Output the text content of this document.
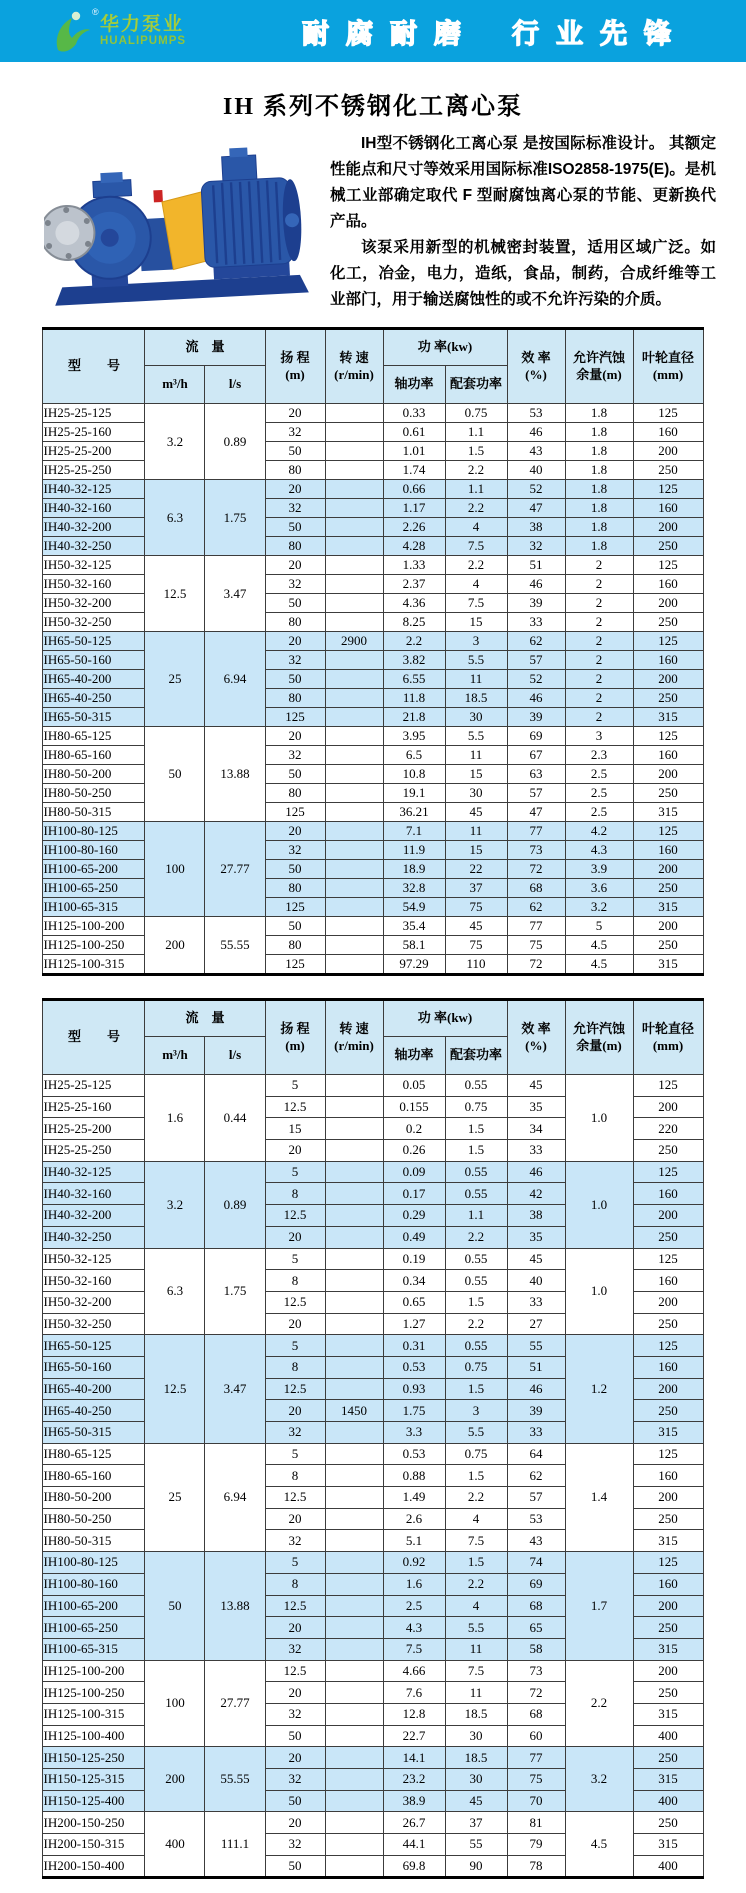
®
华力泵业
HUALIPUMPS	耐腐耐磨 行业先锋
IH 系列不锈钢化工离心泵

IH型不锈钢化工离心泵 是按国际标准设计。 其额定性能点和尺寸等效采用国际标准ISO2858-1975(E)。是机械工业部确定取代 F 型耐腐蚀离心泵的节能、更新换代产品。

该泵采用新型的机械密封装置，适用区域广泛。如化工，冶金，电力，造纸，食品，制药，合成纤维等工业部门，用于输送腐蚀性的或不允许污染的介质。

型　　号	流　量	
扬 程
(m)

转 速
(r/min)
	功 率(kw)	
效 率
(%)

允许汽蚀
余量(m)

叶轮直径
(mm)

	m³/h	l/s			轴功率	配套功率			
IH25-25-125	3.2	0.89	20		0.33	0.75	53	1.8	125
IH25-25-160			32		0.61	1.1	46	1.8	160
IH25-25-200			50		1.01	1.5	43	1.8	200
IH25-25-250			80		1.74	2.2	40	1.8	250
IH40-32-125	6.3	1.75	20		0.66	1.1	52	1.8	125
IH40-32-160			32		1.17	2.2	47	1.8	160
IH40-32-200			50		2.26	4	38	1.8	200
IH40-32-250			80		4.28	7.5	32	1.8	250
IH50-32-125	12.5	3.47	20		1.33	2.2	51	2	125
IH50-32-160			32		2.37	4	46	2	160
IH50-32-200			50		4.36	7.5	39	2	200
IH50-32-250			80		8.25	15	33	2	250
IH65-50-125	25	6.94	20	2900	2.2	3	62	2	125
IH65-50-160			32		3.82	5.5	57	2	160
IH65-40-200			50		6.55	11	52	2	200
IH65-40-250			80		11.8	18.5	46	2	250
IH65-50-315			125		21.8	30	39	2	315
IH80-65-125	50	13.88	20		3.95	5.5	69	3	125
IH80-65-160			32		6.5	11	67	2.3	160
IH80-50-200			50		10.8	15	63	2.5	200
IH80-50-250			80		19.1	30	57	2.5	250
IH80-50-315			125		36.21	45	47	2.5	315
IH100-80-125	100	27.77	20		7.1	11	77	4.2	125
IH100-80-160			32		11.9	15	73	4.3	160
IH100-65-200			50		18.9	22	72	3.9	200
IH100-65-250			80		32.8	37	68	3.6	250
IH100-65-315			125		54.9	75	62	3.2	315
IH125-100-200	200	55.55	50		35.4	45	77	5	200
IH125-100-250			80		58.1	75	75	4.5	250
IH125-100-315			125		97.29	110	72	4.5	315
型　　号	流　量	
扬 程
(m)

转 速
(r/min)
	功 率(kw)	
效 率
(%)

允许汽蚀
余量(m)

叶轮直径
(mm)

	m³/h	l/s			轴功率	配套功率			
IH25-25-125	1.6	0.44	5		0.05	0.55	45	1.0	125
IH25-25-160			12.5		0.155	0.75	35		200
IH25-25-200			15		0.2	1.5	34		220
IH25-25-250			20		0.26	1.5	33		250
IH40-32-125	3.2	0.89	5		0.09	0.55	46	1.0	125
IH40-32-160			8		0.17	0.55	42		160
IH40-32-200			12.5		0.29	1.1	38		200
IH40-32-250			20		0.49	2.2	35		250
IH50-32-125	6.3	1.75	5		0.19	0.55	45	1.0	125
IH50-32-160			8		0.34	0.55	40		160
IH50-32-200			12.5		0.65	1.5	33		200
IH50-32-250			20		1.27	2.2	27		250
IH65-50-125	12.5	3.47	5		0.31	0.55	55	1.2	125
IH65-50-160			8		0.53	0.75	51		160
IH65-40-200			12.5		0.93	1.5	46		200
IH65-40-250			20	1450	1.75	3	39		250
IH65-50-315			32		3.3	5.5	33		315
IH80-65-125	25	6.94	5		0.53	0.75	64	1.4	125
IH80-65-160			8		0.88	1.5	62		160
IH80-50-200			12.5		1.49	2.2	57		200
IH80-50-250			20		2.6	4	53		250
IH80-50-315			32		5.1	7.5	43		315
IH100-80-125	50	13.88	5		0.92	1.5	74	1.7	125
IH100-80-160			8		1.6	2.2	69		160
IH100-65-200			12.5		2.5	4	68		200
IH100-65-250			20		4.3	5.5	65		250
IH100-65-315			32		7.5	11	58		315
IH125-100-200	100	27.77	12.5		4.66	7.5	73	2.2	200
IH125-100-250			20		7.6	11	72		250
IH125-100-315			32		12.8	18.5	68		315
IH125-100-400			50		22.7	30	60		400
IH150-125-250	200	55.55	20		14.1	18.5	77	3.2	250
IH150-125-315			32		23.2	30	75		315
IH150-125-400			50		38.9	45	70		400
IH200-150-250	400	111.1	20		26.7	37	81	4.5	250
IH200-150-315			32		44.1	55	79		315
IH200-150-400			50		69.8	90	78		400
